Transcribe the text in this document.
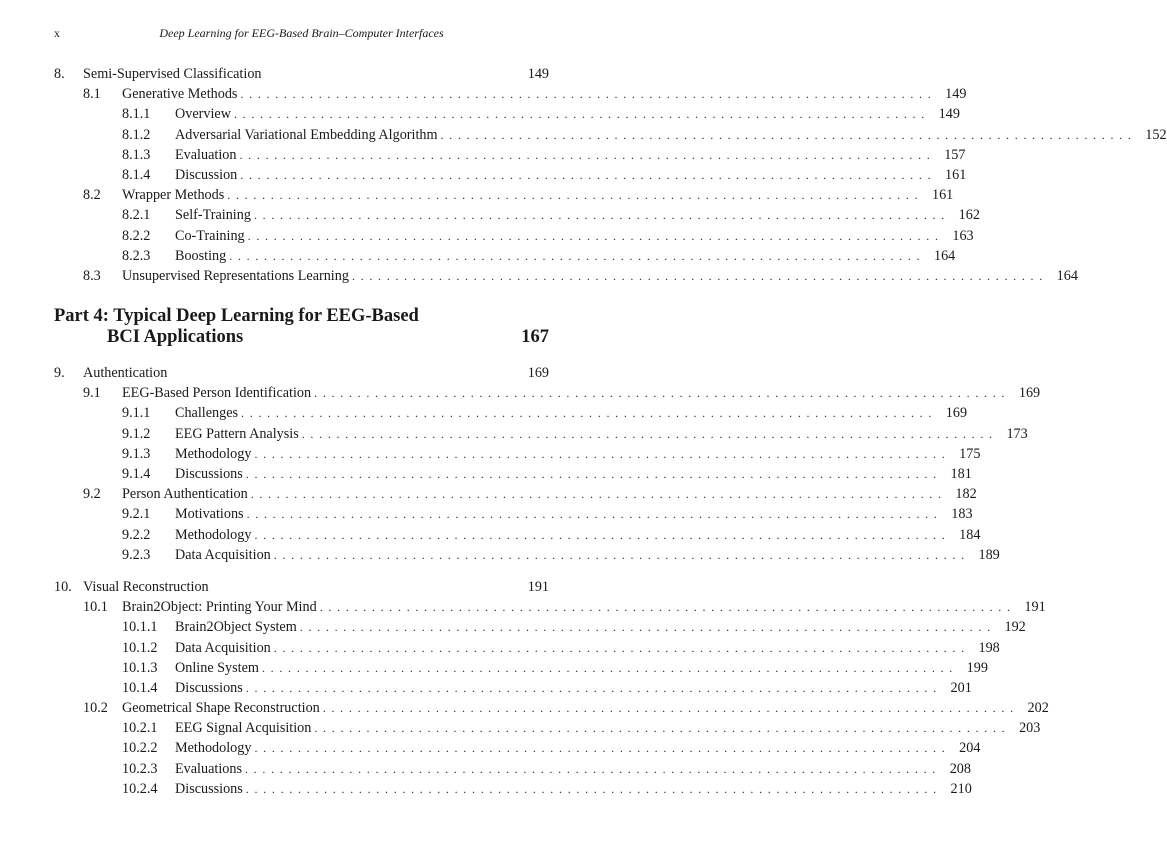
x	Deep Learning for EEG-Based Brain–Computer Interfaces
8. Semi-Supervised Classification	149
8.1 Generative Methods ................................................................................ 149
8.1.1 Overview ................................................................................ 149
8.1.2 Adversarial Variational Embedding Algorithm ................................................................................ 152
8.1.3 Evaluation ................................................................................ 157
8.1.4 Discussion ................................................................................ 161
8.2 Wrapper Methods ................................................................................ 161
8.2.1 Self-Training ................................................................................ 162
8.2.2 Co-Training ................................................................................ 163
8.2.3 Boosting ................................................................................ 164
8.3 Unsupervised Representations Learning ................................................................................ 164
Part 4: Typical Deep Learning for EEG-Based
BCI Applications	167
9. Authentication	169
9.1 EEG-Based Person Identification ................................................................................ 169
9.1.1 Challenges ................................................................................ 169
9.1.2 EEG Pattern Analysis ................................................................................ 173
9.1.3 Methodology ................................................................................ 175
9.1.4 Discussions ................................................................................ 181
9.2 Person Authentication ................................................................................ 182
9.2.1 Motivations ................................................................................ 183
9.2.2 Methodology ................................................................................ 184
9.2.3 Data Acquisition ................................................................................ 189
10. Visual Reconstruction	191
10.1 Brain2Object: Printing Your Mind ................................................................................ 191
10.1.1 Brain2Object System ................................................................................ 192
10.1.2 Data Acquisition ................................................................................ 198
10.1.3 Online System ................................................................................ 199
10.1.4 Discussions ................................................................................ 201
10.2 Geometrical Shape Reconstruction ................................................................................ 202
10.2.1 EEG Signal Acquisition ................................................................................ 203
10.2.2 Methodology ................................................................................ 204
10.2.3 Evaluations ................................................................................ 208
10.2.4 Discussions ................................................................................ 210
